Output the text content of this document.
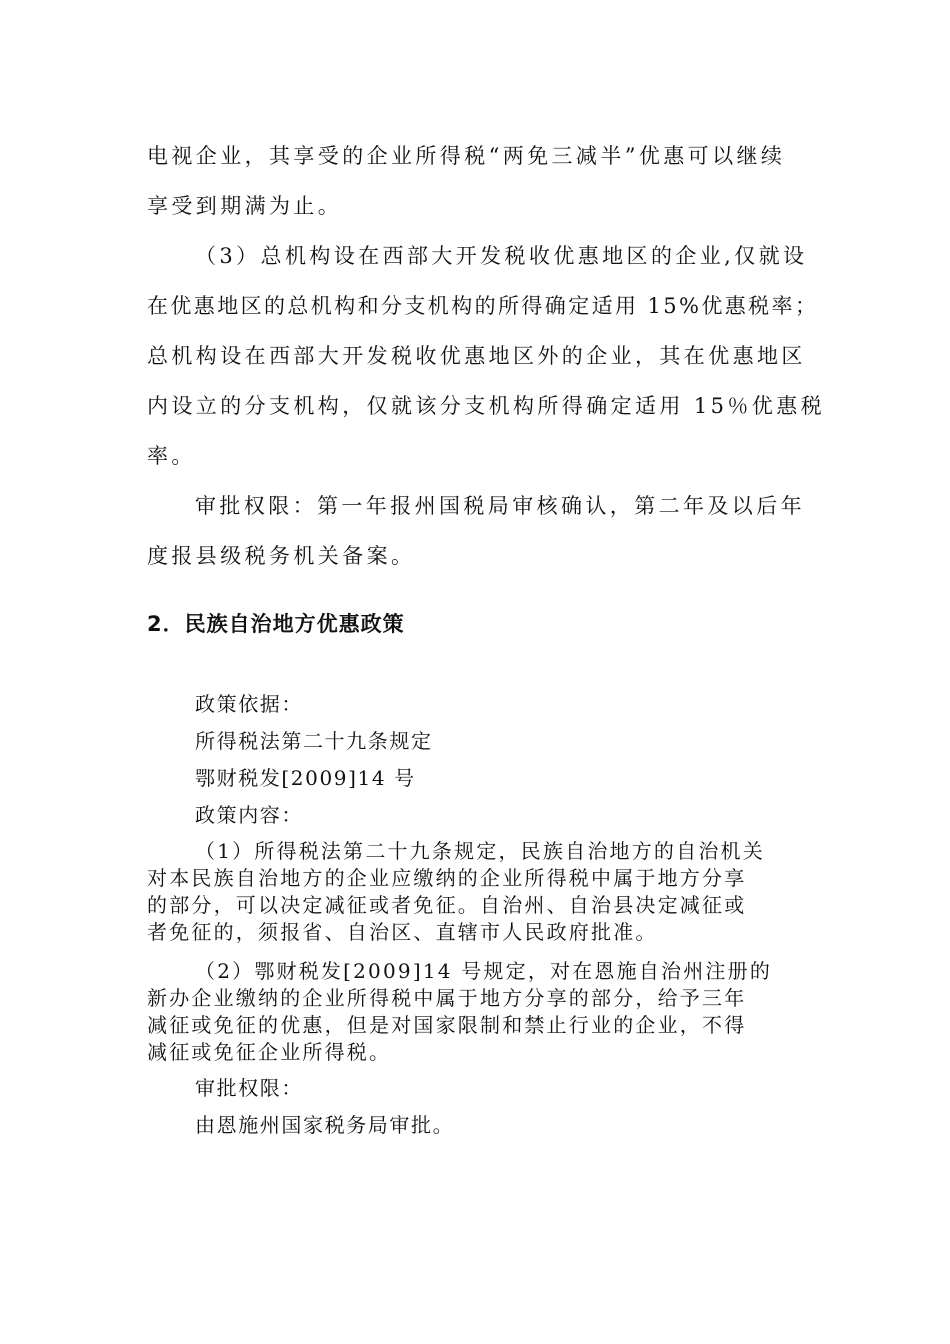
电视企业，其享受的企业所得税“两免三减半”优惠可以继续
享受到期满为止。
（3）总机构设在西部大开发税收优惠地区的企业,仅就设
在优惠地区的总机构和分支机构的所得确定适用 15%优惠税率；
总机构设在西部大开发税收优惠地区外的企业，其在优惠地区
内设立的分支机构，仅就该分支机构所得确定适用 15％优惠税
率。
审批权限：第一年报州国税局审核确认，第二年及以后年
度报县级税务机关备案。
2．民族自治地方优惠政策
政策依据：
所得税法第二十九条规定
鄂财税发[2009]14 号
政策内容：
（1）所得税法第二十九条规定，民族自治地方的自治机关
对本民族自治地方的企业应缴纳的企业所得税中属于地方分享
的部分，可以决定减征或者免征。自治州、自治县决定减征或
者免征的，须报省、自治区、直辖市人民政府批准。
（2）鄂财税发[2009]14 号规定，对在恩施自治州注册的
新办企业缴纳的企业所得税中属于地方分享的部分，给予三年
减征或免征的优惠，但是对国家限制和禁止行业的企业，不得
减征或免征企业所得税。
审批权限：
由恩施州国家税务局审批。
